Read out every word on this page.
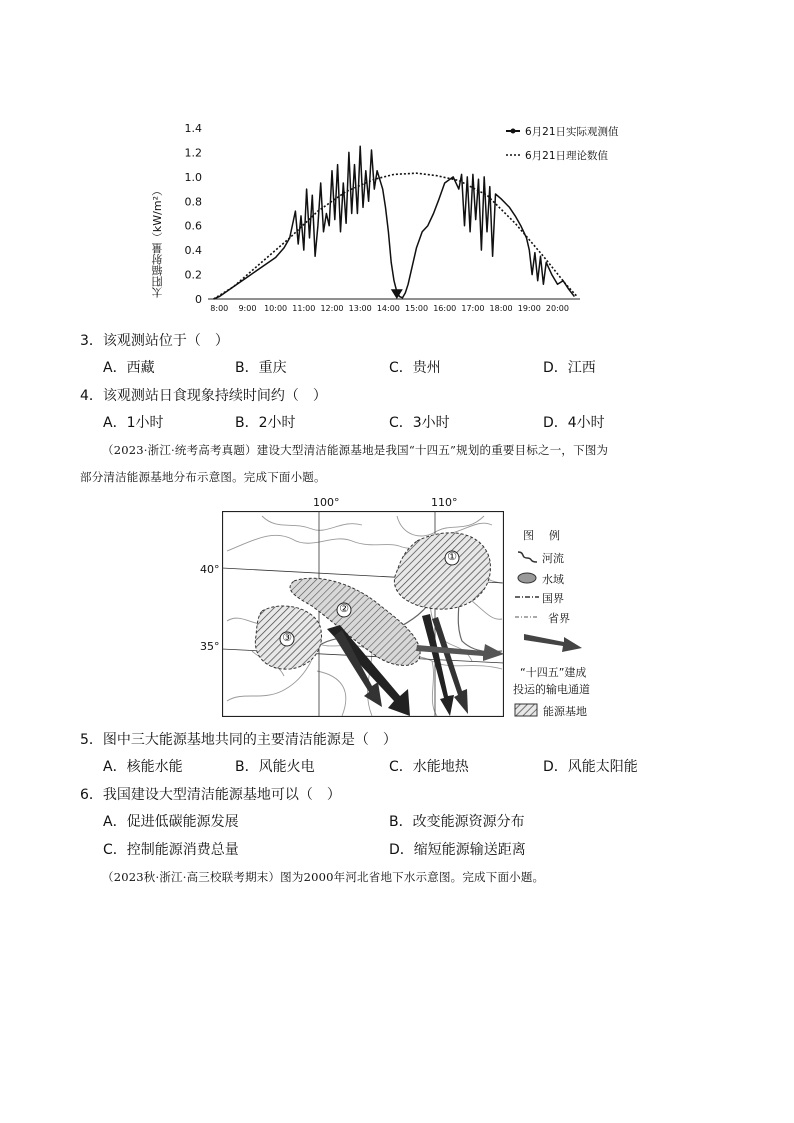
1.4
1.2
1.0
0.8
0.6
0.4
0.2
0
8:00 9:00 10:00 11:00 12:00 13:00 14:00 15:00 16:00 17:00 18:00 19:00 20:00
6月21日实际观测值
6月21日理论数值
太阳辐射量（kW/m²）
3．该观测站位于（　）
A．西藏	B．重庆	C．贵州	D．江西
4．该观测站日食现象持续时间约（　）
A．1小时	B．2小时	C．3小时	D．4小时
（2023·浙江·统考高考真题）建设大型清洁能源基地是我国“十四五”规划的重要目标之一，下图为
部分清洁能源基地分布示意图。完成下面小题。
100°	110°
40°
35°
①
②
③
图　例
河流
水域
国界
省界
“十四五”建成
投运的输电通道
能源基地
5．图中三大能源基地共同的主要清洁能源是（　）
A．核能水能	B．风能火电	C．水能地热	D．风能太阳能
6．我国建设大型清洁能源基地可以（　）
A．促进低碳能源发展	B．改变能源资源分布
C．控制能源消费总量	D．缩短能源输送距离
（2023秋·浙江·高三校联考期末）图为2000年河北省地下水示意图。完成下面小题。
